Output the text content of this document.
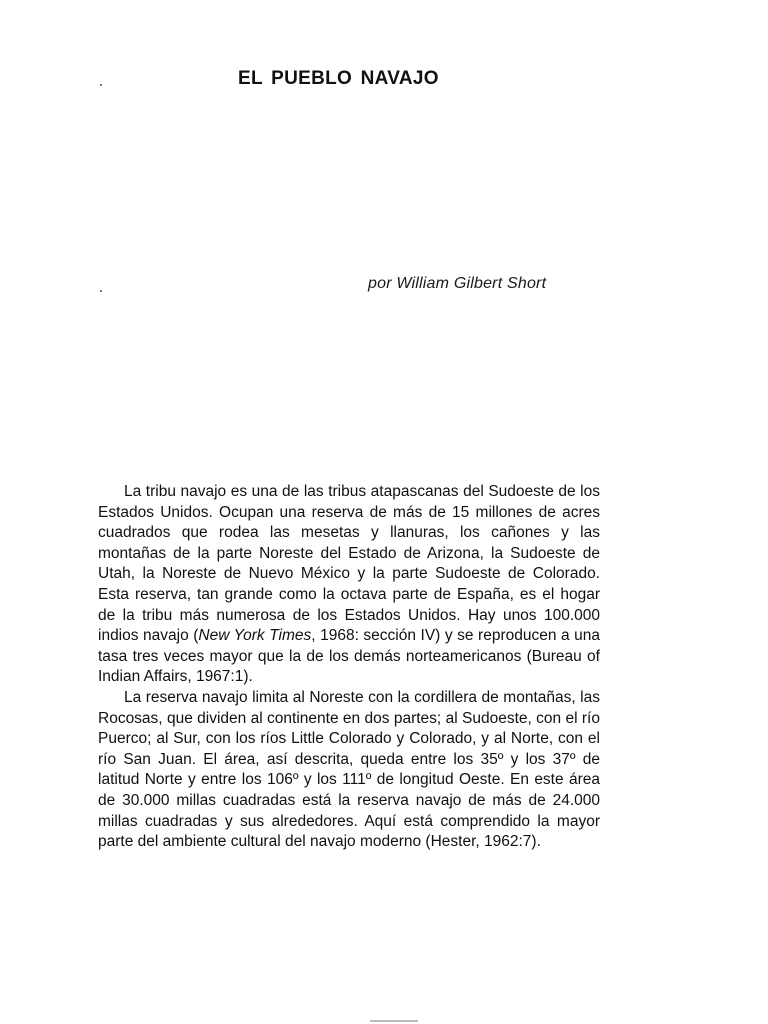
EL PUEBLO NAVAJO
por William Gilbert Short

La tribu navajo es una de las tribus atapascanas del Sudoeste de los Estados Unidos. Ocupan una reserva de más de 15 millones de acres cuadrados que rodea las mesetas y llanuras, los cañones y las montañas de la parte Noreste del Estado de Arizona, la Sudoeste de Utah, la Noreste de Nuevo México y la parte Sudoeste de Colorado. Esta reserva, tan grande como la octava parte de España, es el hogar de la tribu más numerosa de los Estados Unidos. Hay unos 100.000 indios navajo (New York Times, 1968: sección IV) y se reproducen a una tasa tres veces mayor que la de los demás norteamericanos (Bureau of Indian Affairs, 1967:1).

La reserva navajo limita al Noreste con la cordillera de montañas, las Rocosas, que dividen al continente en dos partes; al Sudoeste, con el río Puerco; al Sur, con los ríos Little Colorado y Colorado, y al Norte, con el río San Juan. El área, así descrita, queda entre los 35º y los 37º de latitud Norte y entre los 106º y los 111º de longitud Oeste. En este área de 30.000 millas cuadradas está la reserva navajo de más de 24.000 millas cuadradas y sus alrededores. Aquí está comprendido la mayor parte del ambiente cultural del navajo moderno (Hester, 1962:7).
